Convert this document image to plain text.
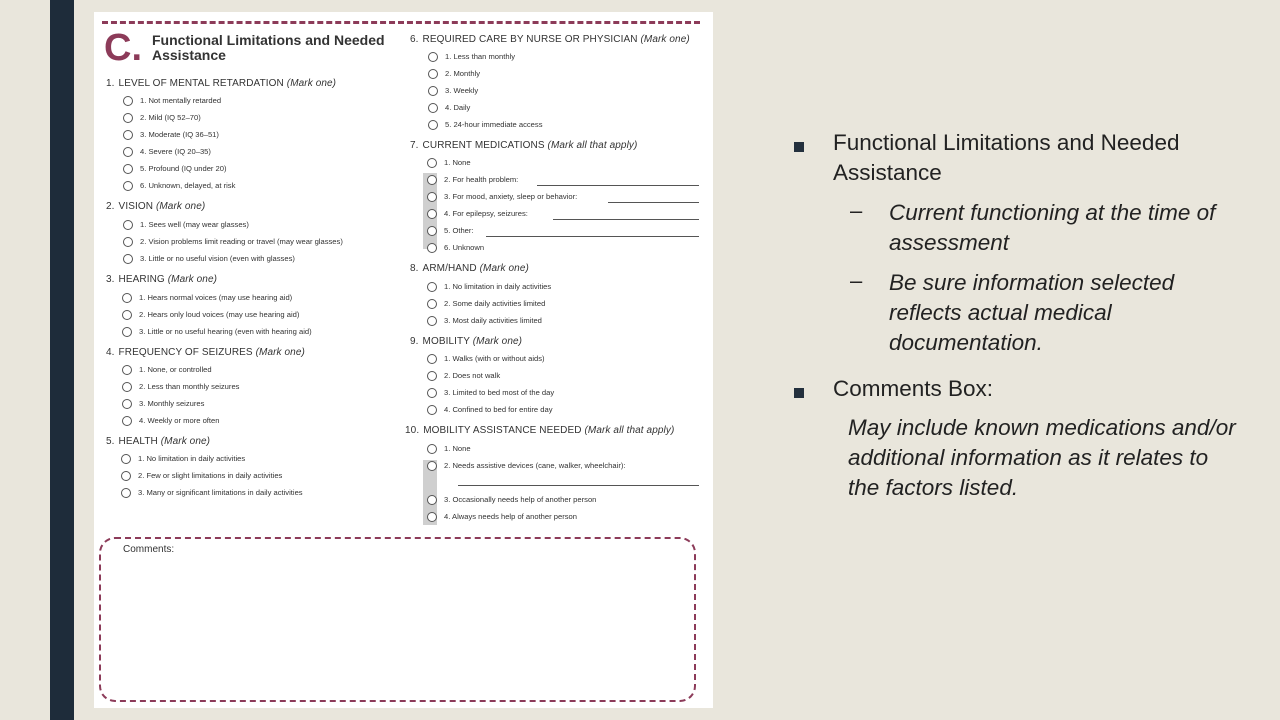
C. Functional Limitations and Needed Assistance
1. LEVEL OF MENTAL RETARDATION (Mark one)
1. Not mentally retarded
2. Mild (IQ 52–70)
3. Moderate (IQ 36–51)
4. Severe (IQ 20–35)
5. Profound (IQ under 20)
6. Unknown, delayed, at risk
2. VISION (Mark one)
1. Sees well (may wear glasses)
2. Vision problems limit reading or travel (may wear glasses)
3. Little or no useful vision (even with glasses)
3. HEARING (Mark one)
1. Hears normal voices (may use hearing aid)
2. Hears only loud voices (may use hearing aid)
3. Little or no useful hearing (even with hearing aid)
4. FREQUENCY OF SEIZURES (Mark one)
1. None, or controlled
2. Less than monthly seizures
3. Monthly seizures
4. Weekly or more often
5. HEALTH (Mark one)
1. No limitation in daily activities
2. Few or slight limitations in daily activities
3. Many or significant limitations in daily activities
6. REQUIRED CARE BY NURSE OR PHYSICIAN (Mark one)
1. Less than monthly
2. Monthly
3. Weekly
4. Daily
5. 24-hour immediate access
7. CURRENT MEDICATIONS (Mark all that apply)
1. None
2. For health problem:
3. For mood, anxiety, sleep or behavior:
4. For epilepsy, seizures:
5. Other:
6. Unknown
8. ARM/HAND (Mark one)
1. No limitation in daily activities
2. Some daily activities limited
3. Most daily activities limited
9. MOBILITY (Mark one)
1. Walks (with or without aids)
2. Does not walk
3. Limited to bed most of the day
4. Confined to bed for entire day
10. MOBILITY ASSISTANCE NEEDED (Mark all that apply)
1. None
2. Needs assistive devices (cane, walker, wheelchair):
3. Occasionally needs help of another person
4. Always needs help of another person
Comments:
Functional Limitations and Needed Assistance
– Current functioning at the time of assessment
– Be sure information selected reflects actual medical documentation.
Comments Box:
May include known medications and/or additional information as it relates to the factors listed.
